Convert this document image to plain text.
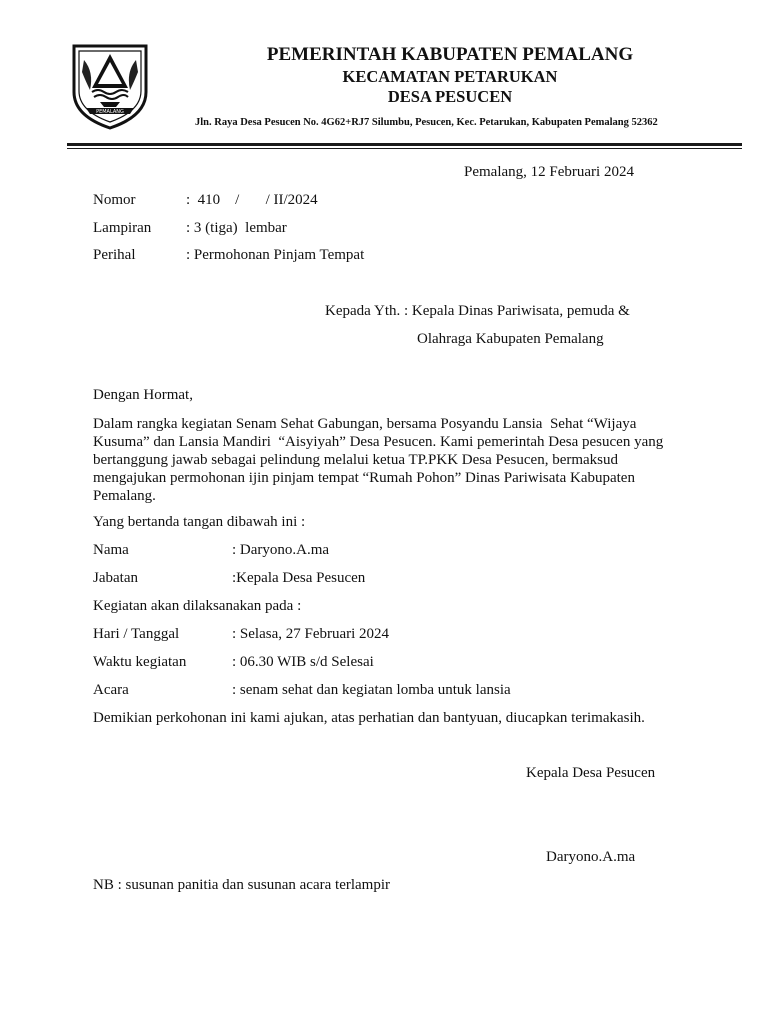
PEMALANG
PEMERINTAH KABUPATEN PEMALANG
KECAMATAN PETARUKAN
DESA PESUCEN
Jln. Raya Desa Pesucen No. 4G62+RJ7 Silumbu, Pesucen, Kec. Petarukan, Kabupaten Pemalang 52362
Pemalang, 12 Februari 2024
Nomor	:  410    /       / II/2024
Lampiran : 3 (tiga)  lembar
Perihal	: Permohonan Pinjam Tempat
Kepada Yth. : Kepala Dinas Pariwisata, pemuda &
Olahraga Kabupaten Pemalang
Dengan Hormat,
Dalam rangka kegiatan Senam Sehat Gabungan, bersama Posyandu Lansia  Sehat “Wijaya Kusuma” dan Lansia Mandiri  “Aisyiyah” Desa Pesucen. Kami pemerintah Desa pesucen yang bertanggung jawab sebagai pelindung melalui ketua TP.PKK Desa Pesucen, bermaksud mengajukan permohonan ijin pinjam tempat “Rumah Pohon” Dinas Pariwisata Kabupaten Pemalang.
Yang bertanda tangan dibawah ini :
Nama	: Daryono.A.ma
Jabatan	:Kepala Desa Pesucen
Kegiatan akan dilaksanakan pada :
Hari / Tanggal	: Selasa, 27 Februari 2024
Waktu kegiatan	: 06.30 WIB s/d Selesai
Acara	: senam sehat dan kegiatan lomba untuk lansia
Demikian perkohonan ini kami ajukan, atas perhatian dan bantyuan, diucapkan terimakasih.
Kepala Desa Pesucen
Daryono.A.ma
NB : susunan panitia dan susunan acara terlampir
